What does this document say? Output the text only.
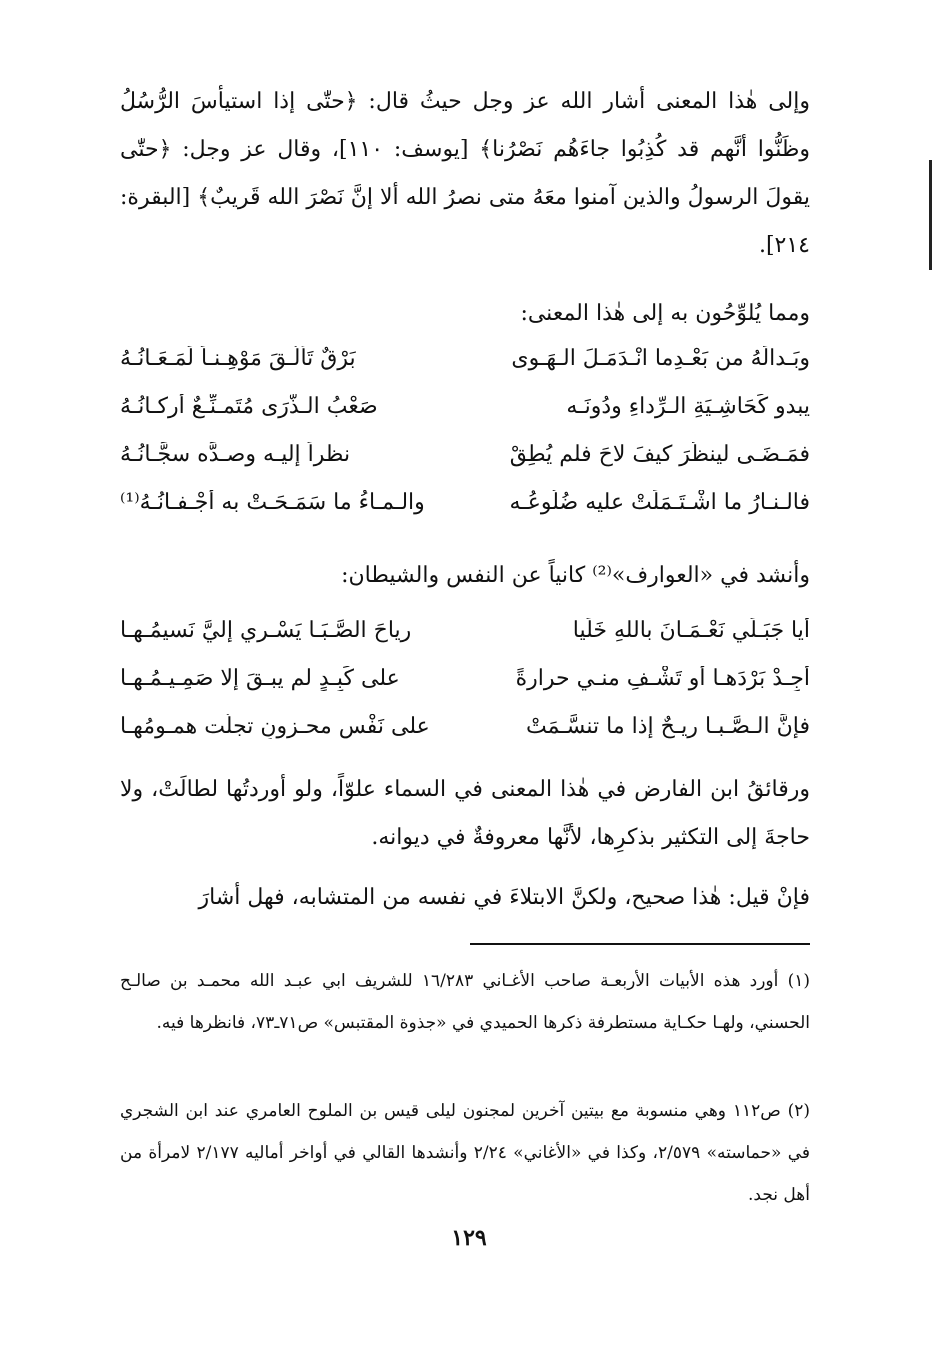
وإلى هٰذا المعنى أشار الله عز وجل حيثُ قال: ﴿حتّٰى إذا استيأسَ الرُّسُلُ وظَنُّوا أنَّهم قد كُذِبُوا جاءَهُم نَصْرُنا﴾ [يوسف: ١١٠]، وقال عز وجل: ﴿حتّٰى يقولَ الرسولُ والذين آمنوا معَهُ متى نصرُ الله ألا إنَّ نَصْرَ الله قَريبٌ﴾ [البقرة: ٢١٤].

ومما يُلوِّحُون به إلى هٰذا المعنى:

وبَـدالَهُ من بَعْـدِما انْـدَمَـلَ الـهَـوى
بَرْقٌ تَأَلَّـقَ مَوْهِـنـاً لَمَـعَـانُـهُ
يبدو كَحَاشِـيَةِ الـرِّداءِ ودُونَـه
صَعْبُ الـذُّرَى مُتَمـنِّـعٌ أركـانُـهُ
فمَـضَـى لينظُرَ كيفَ لاحَ فلم يُطِقْ
نظراً إليـه وصـدَّه سجَّـانُـهُ
فالـنـارُ ما اشْـتَـمَلَتْ عليه ضُلُوعُـه
والـمـاءُ ما سَمَـحَـتْ به أجْـفـانُـهُ⁽¹⁾

وأنشد في «العوارف»⁽²⁾ كانياً عن النفس والشيطان:

أيا جَبَـلَي نَعْـمَـانَ باللهِ خَلِّيا
رياحَ الصَّـبَـا يَسْـري إليَّ نَسيمُـهـا
أَجِـدْ بَرْدَهـا أو تَشْـفِ منـي حرارةً
على كَبِـدٍ لم يبـقَ إلا صَمِـيـمُـهـا
فإنَّ الـصَّـبـا ريـحٌ إذا ما تنسَّـمَتْ
على نَفْسِ محـزونٍ تجلَّت همـومُهـا

ورقائقُ ابن الفارض في هٰذا المعنى في السماء علوّاً، ولو أوردتُها لطالَتْ، ولا حاجةَ إلى التكثير بذكرِها، لأنَّها معروفةٌ في ديوانه.

فإنْ قيل: هٰذا صحيح، ولكنَّ الابتلاءَ في نفسه من المتشابه، فهل أشارَ

(١) أورد هذه الأبيات الأربعـة صاحب الأغـاني ١٦/٢٨٣ للشريف ابي عبـد الله محمـد بن صالـح الحسني، ولهـا حكـاية مستطرفة ذكرها الحميدي في «جذوة المقتبس» ص٧١ـ٧٣، فانظرها فيه.

(٢) ص١١٢ وهي منسوبة مع بيتين آخرين لمجنون ليلى قيس بن الملوح العامري عند ابن الشجري في «حماسته» ٢/٥٧٩، وكذا في «الأغاني» ٢/٢٤ وأنشدها القالي في أواخر أماليه ٢/١٧٧ لامرأة من أهل نجد.

١٢٩
